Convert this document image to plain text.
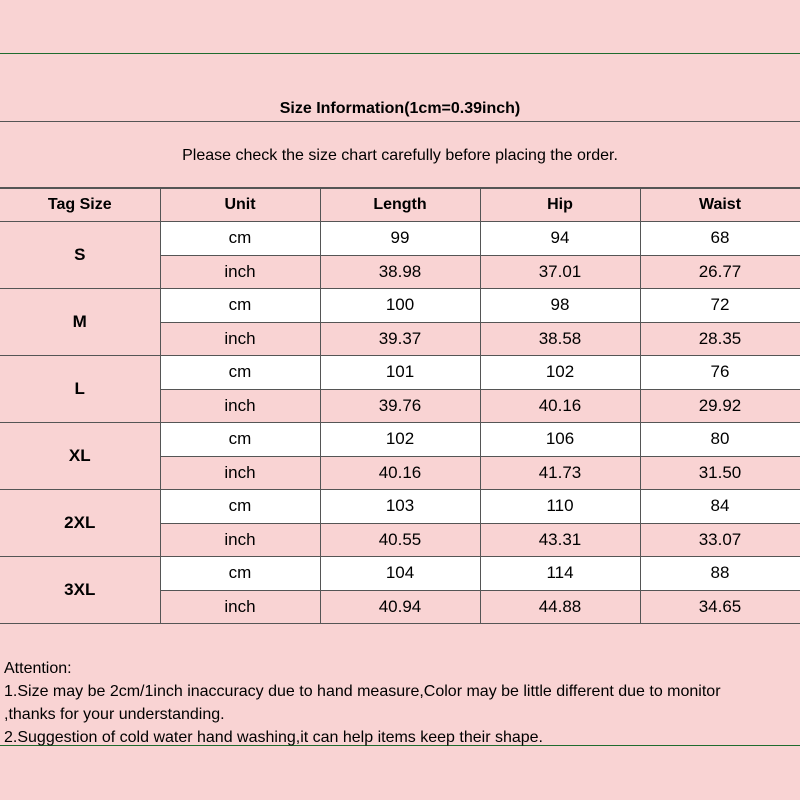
Size Information(1cm=0.39inch)
Please check the size chart carefully before placing the order.
Tag Size	Unit	Length	Hip	Waist
S	cm	99	94	68
	inch	38.98	37.01	26.77
M	cm	100	98	72
	inch	39.37	38.58	28.35
L	cm	101	102	76
	inch	39.76	40.16	29.92
XL	cm	102	106	80
	inch	40.16	41.73	31.50
2XL	cm	103	110	84
	inch	40.55	43.31	33.07
3XL	cm	104	114	88
	inch	40.94	44.88	34.65
Attention:
1.Size may be 2cm/1inch inaccuracy due to hand measure,Color may be little different due to monitor
,thanks for your understanding.
2.Suggestion of cold water hand washing,it can help items keep their shape.
